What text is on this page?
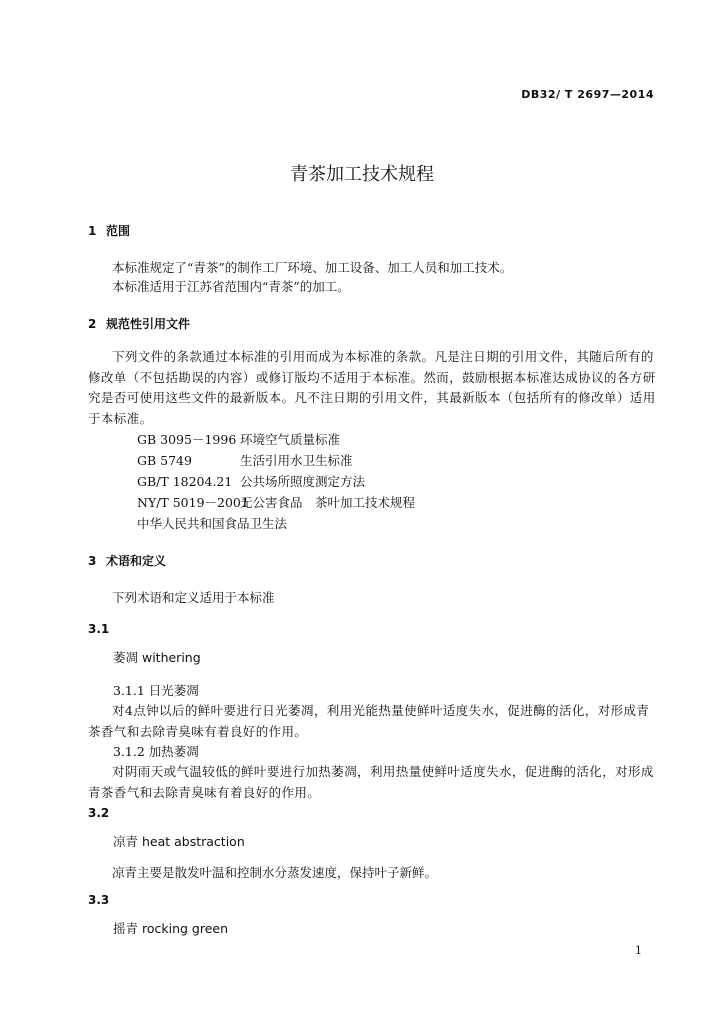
DB32/ T 2697—2014
青茶加工技术规程
1 范围
本标准规定了“青茶”的制作工厂环境、加工设备、加工人员和加工技术。
本标准适用于江苏省范围内“青茶”的加工。
2 规范性引用文件
下列文件的条款通过本标准的引用而成为本标准的条款。凡是注日期的引用文件，其随后所有的修改单（不包括勘误的内容）或修订版均不适用于本标准。然而，鼓励根据本标准达成协议的各方研究是否可使用这些文件的最新版本。凡不注日期的引用文件，其最新版本（包括所有的修改单）适用于本标准。
GB 3095－1996 环境空气质量标准
GB 5749	生活引用水卫生标准
GB/T 18204.21 公共场所照度测定方法
NY/T 5019－2001无公害食品　茶叶加工技术规程
中华人民共和国食品卫生法
3 术语和定义
下列术语和定义适用于本标准
3.1
萎凋 withering
3.1.1 日光萎凋
对4点钟以后的鲜叶要进行日光萎凋，利用光能热量使鲜叶适度失水，促进酶的活化，对形成青茶香气和去除青臭味有着良好的作用。
3.1.2 加热萎凋
对阴雨天或气温较低的鲜叶要进行加热萎凋，利用热量使鲜叶适度失水，促进酶的活化，对形成青茶香气和去除青臭味有着良好的作用。
3.2
凉青 heat abstraction
凉青主要是散发叶温和控制水分蒸发速度，保持叶子新鲜。
3.3
摇青 rocking green
1
